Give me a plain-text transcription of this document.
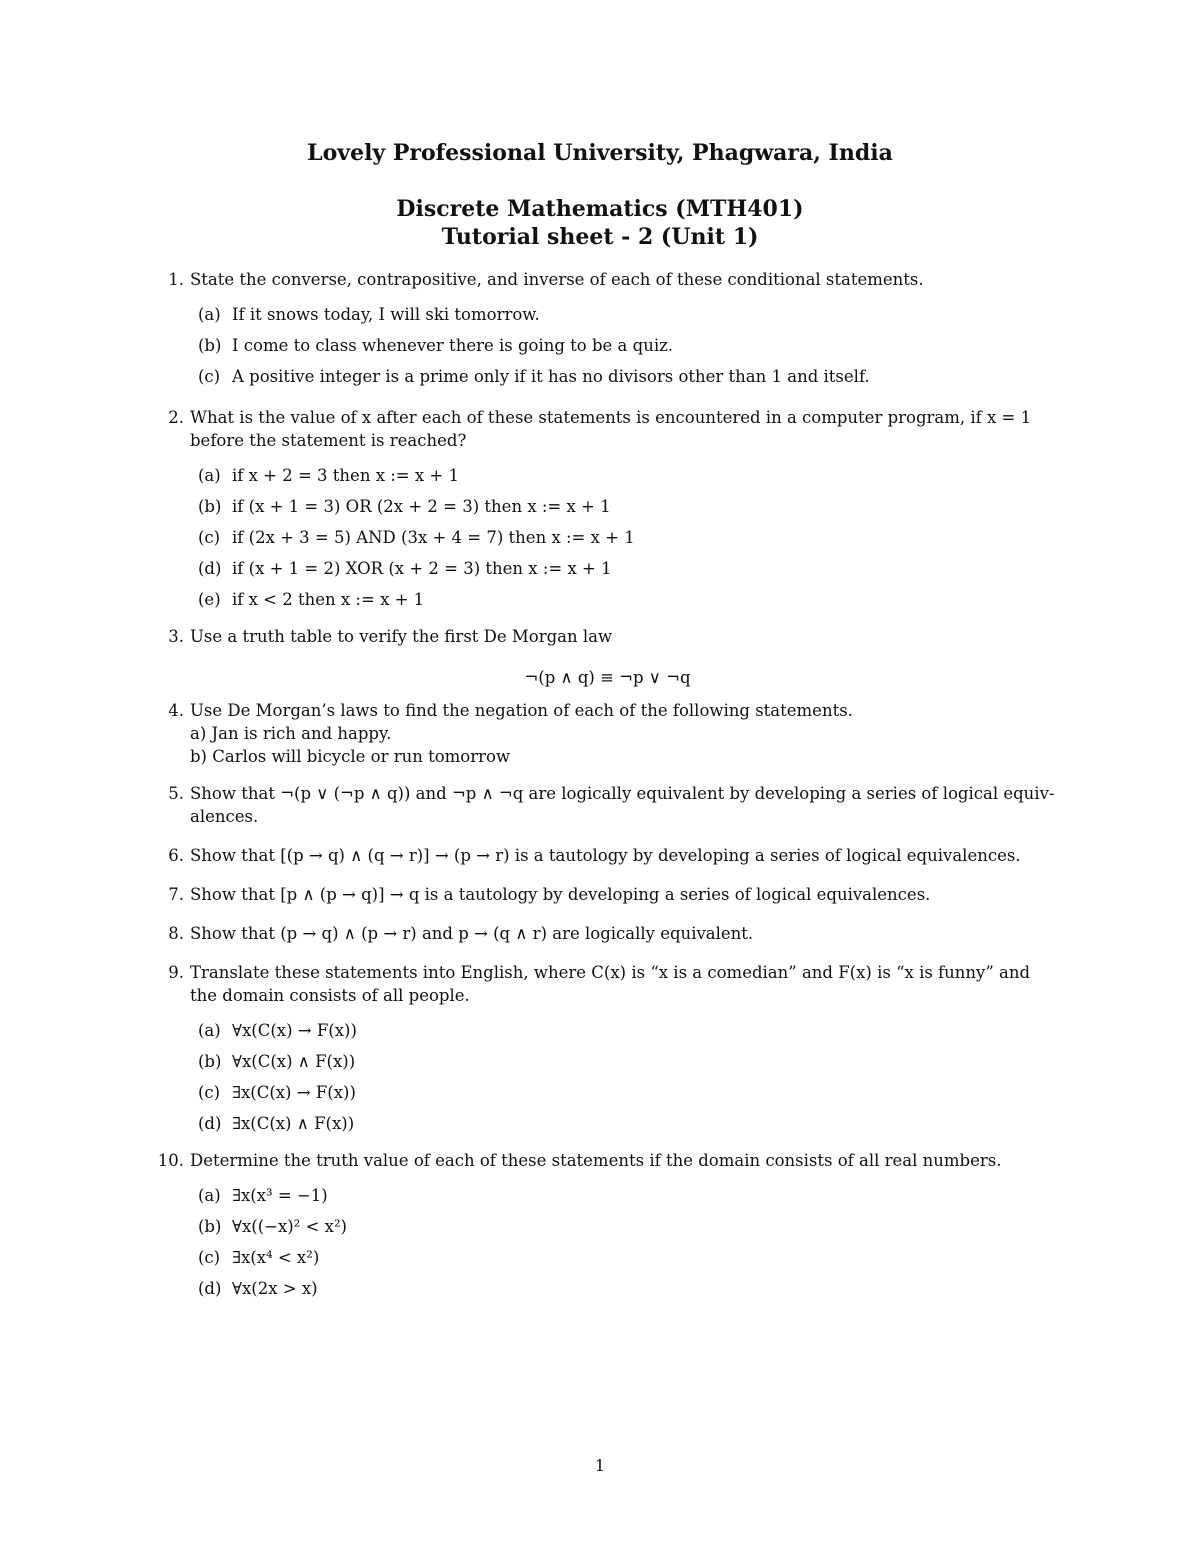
Lovely Professional University, Phagwara, India
Discrete Mathematics (MTH401)
Tutorial sheet - 2 (Unit 1)
1. State the converse, contrapositive, and inverse of each of these conditional statements.
(a) If it snows today, I will ski tomorrow.
(b) I come to class whenever there is going to be a quiz.
(c) A positive integer is a prime only if it has no divisors other than 1 and itself.
2. What is the value of x after each of these statements is encountered in a computer program, if x = 1
before the statement is reached?
(a) if x + 2 = 3 then x := x + 1
(b) if (x + 1 = 3) OR (2x + 2 = 3) then x := x + 1
(c) if (2x + 3 = 5) AND (3x + 4 = 7) then x := x + 1
(d) if (x + 1 = 2) XOR (x + 2 = 3) then x := x + 1
(e) if x < 2 then x := x + 1
3. Use a truth table to verify the first De Morgan law
¬(p ∧ q) ≡ ¬p ∨ ¬q
4. Use De Morgan’s laws to find the negation of each of the following statements.
a) Jan is rich and happy.
b) Carlos will bicycle or run tomorrow
5. Show that ¬(p ∨ (¬p ∧ q)) and ¬p ∧ ¬q are logically equivalent by developing a series of logical equiv-
alences.
6. Show that [(p → q) ∧ (q → r)] → (p → r) is a tautology by developing a series of logical equivalences.
7. Show that [p ∧ (p → q)] → q is a tautology by developing a series of logical equivalences.
8. Show that (p → q) ∧ (p → r) and p → (q ∧ r) are logically equivalent.
9. Translate these statements into English, where C(x) is “x is a comedian” and F(x) is “x is funny” and
the domain consists of all people.
(a) ∀x(C(x) → F(x))
(b) ∀x(C(x) ∧ F(x))
(c) ∃x(C(x) → F(x))
(d) ∃x(C(x) ∧ F(x))
10. Determine the truth value of each of these statements if the domain consists of all real numbers.
(a) ∃x(x³ = −1)
(b) ∀x((−x)² < x²)
(c) ∃x(x⁴ < x²)
(d) ∀x(2x > x)
1
